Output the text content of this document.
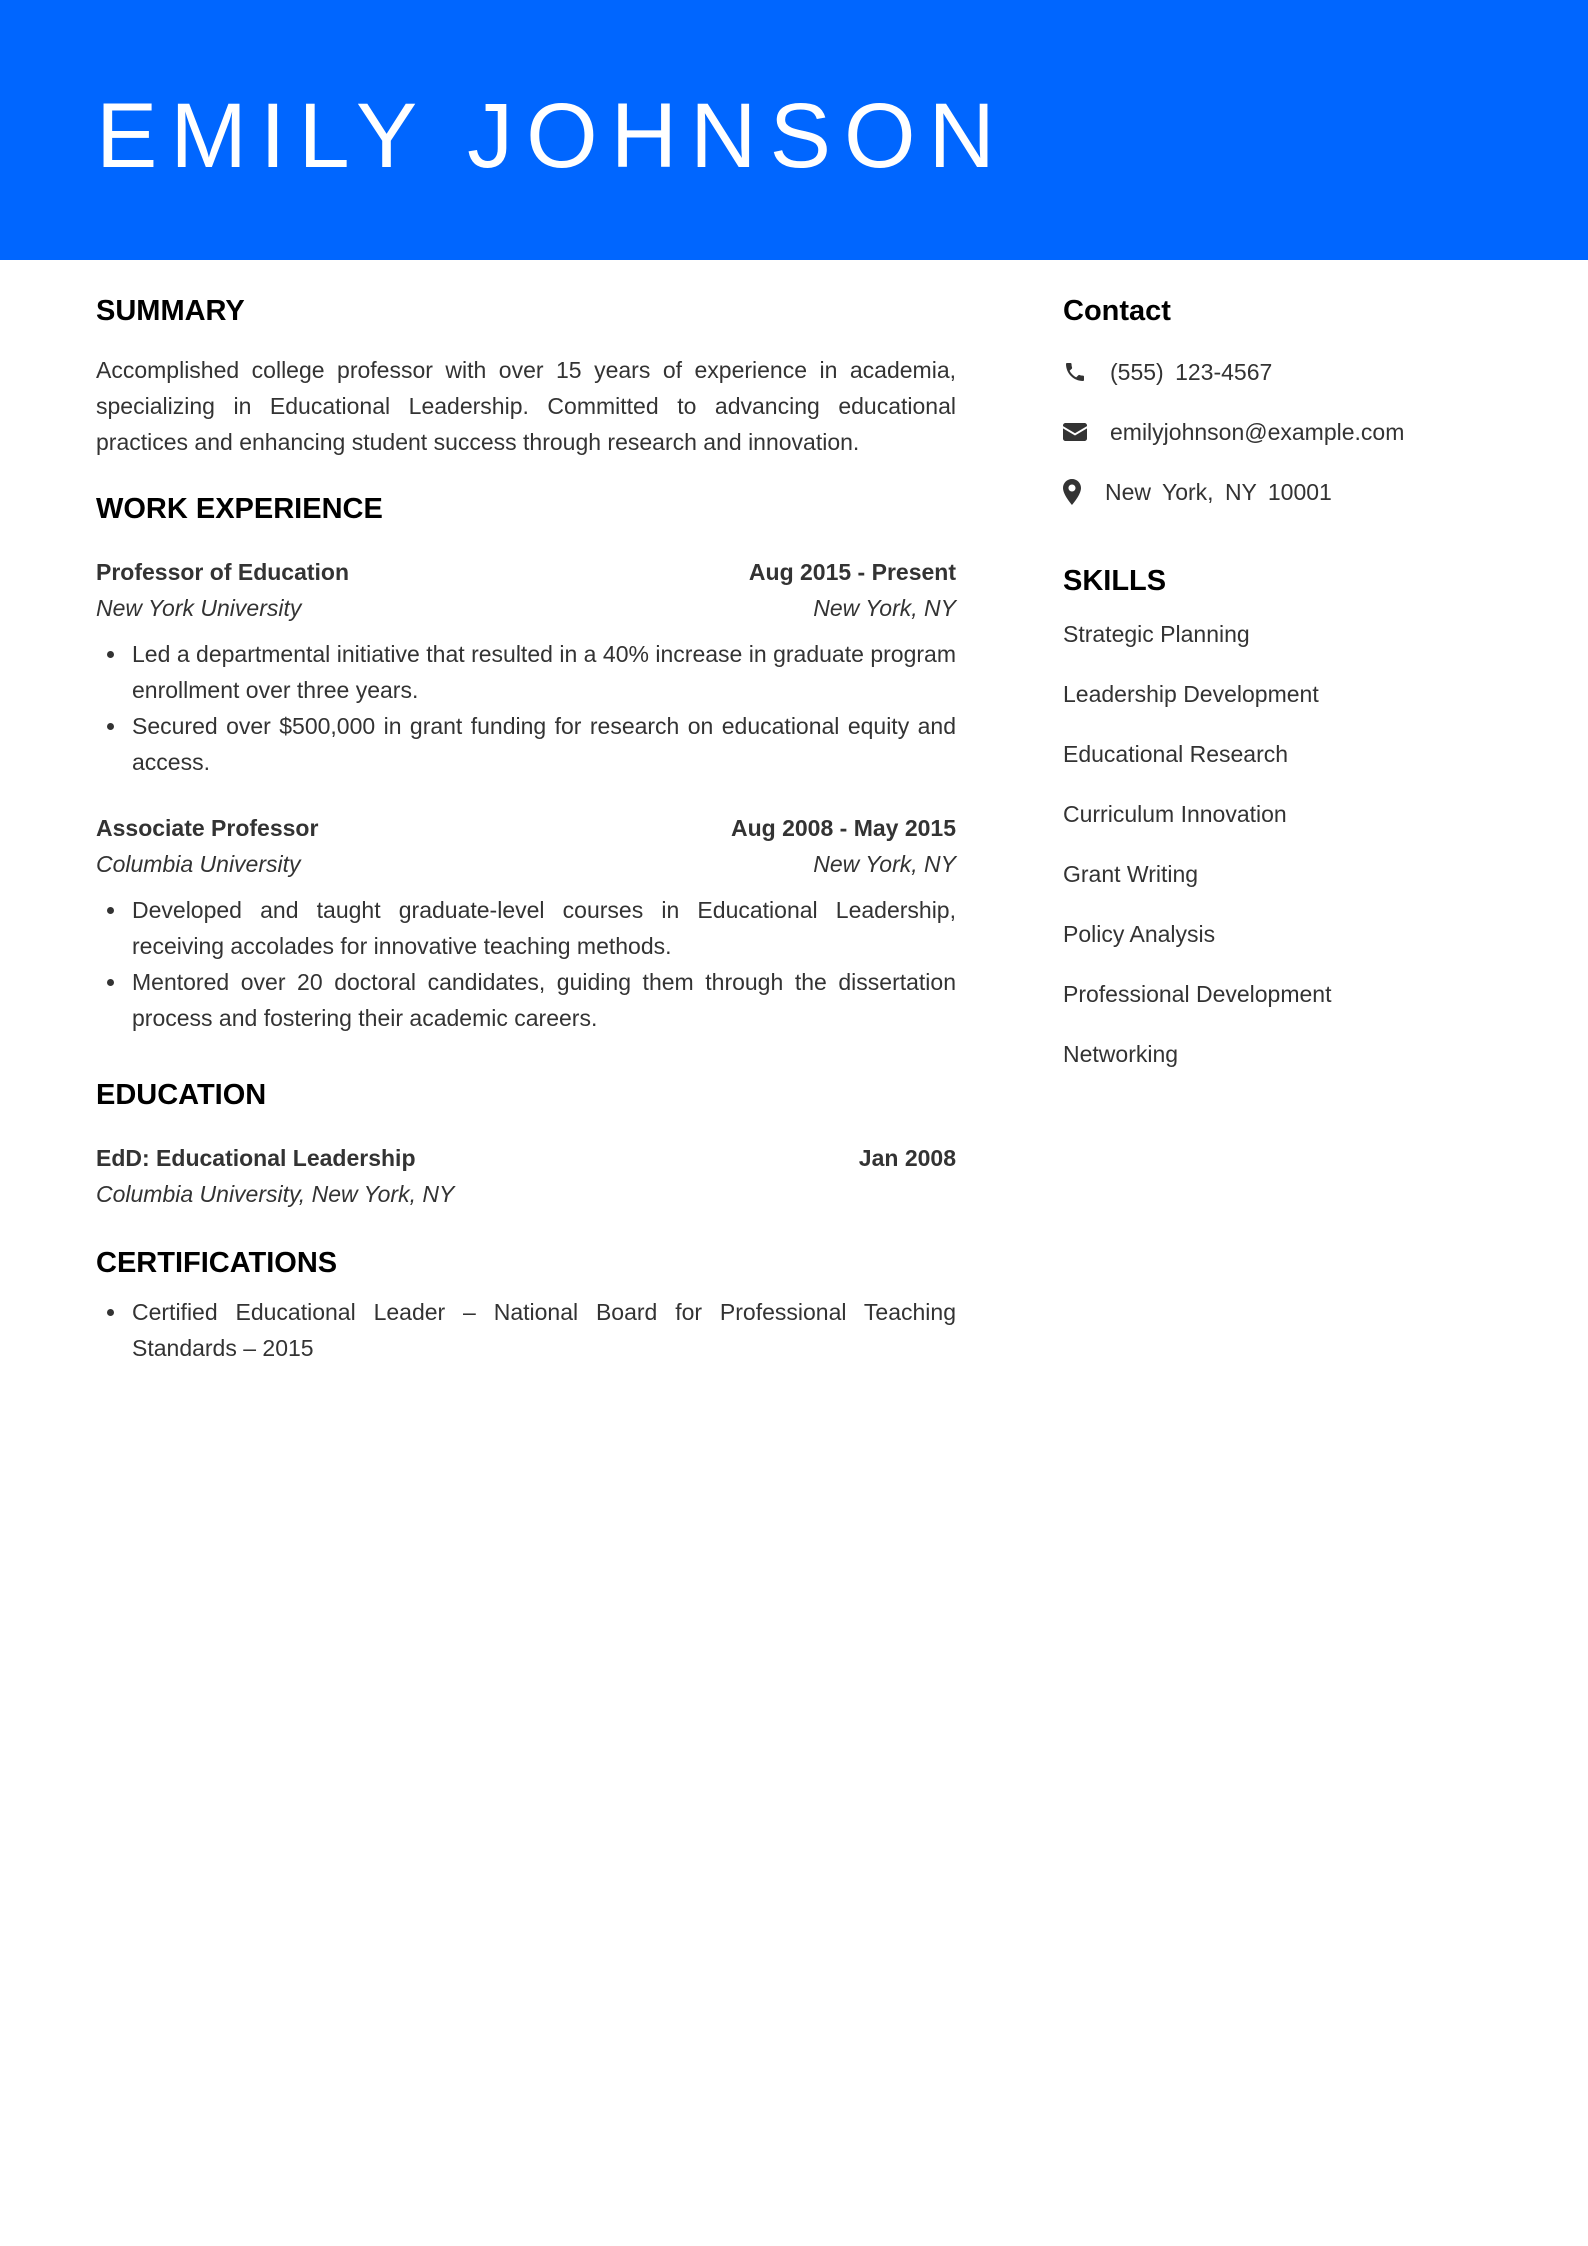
EMILY JOHNSON
SUMMARY

Accomplished college professor with over 15 years of experience in academia, specializing in Educational Leadership. Committed to advancing educational practices and enhancing student success through research and innovation.

WORK EXPERIENCE
Professor of Education	Aug 2015 - Present
New York University	New York, NY
Led a departmental initiative that resulted in a 40% increase in graduate program enrollment over three years.
Secured over $500,000 in grant funding for research on educational equity and access.
Associate Professor	Aug 2008 - May 2015
Columbia University	New York, NY
Developed and taught graduate-level courses in Educational Leadership, receiving accolades for innovative teaching methods.
Mentored over 20 doctoral candidates, guiding them through the dissertation process and fostering their academic careers.
EDUCATION
EdD: Educational Leadership	Jan 2008
Columbia University, New York, NY
CERTIFICATIONS
Certified Educational Leader – National Board for Professional Teaching Standards – 2015
Contact
(555) 123-4567
emilyjohnson@example.com
New York, NY 10001
SKILLS
Strategic Planning
Leadership Development
Educational Research
Curriculum Innovation
Grant Writing
Policy Analysis
Professional Development
Networking
